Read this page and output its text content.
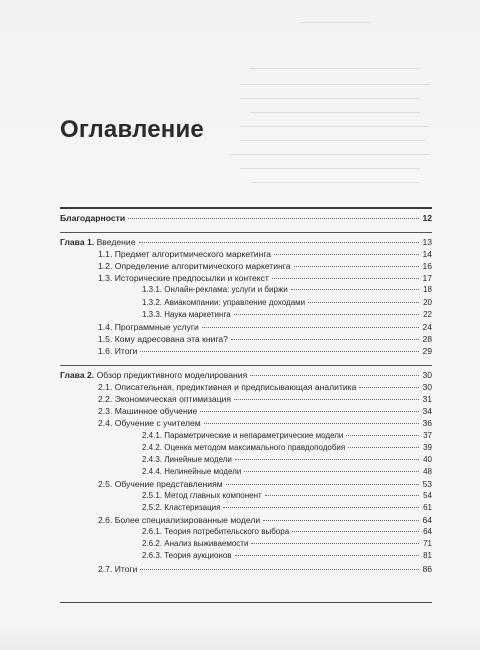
Оглавление
Благодарности	12
Глава 1. Введение	13
1.1. Предмет алгоритмического маркетинга	14
1.2. Определение алгоритмического маркетинга	16
1.3. Исторические предпосылки и контекст	17
1.3.1. Онлайн-реклама: услуги и биржи	18
1.3.2. Авиакомпании: управление доходами	20
1.3.3. Наука маркетинга	22
1.4. Программные услуги	24
1.5. Кому адресована эта книга?	28
1.6. Итоги	29
Глава 2. Обзор предиктивного моделирования	30
2.1. Описательная, предиктивная и предписывающая аналитика	30
2.2. Экономическая оптимизация	31
2.3. Машинное обучение	34
2.4. Обучение с учителем	36
2.4.1. Параметрические и непараметрические модели	37
2.4.2. Оценка методом максимального правдоподобия	39
2.4.3. Линейные модели	40
2.4.4. Нелинейные модели	48
2.5. Обучение представлениям	53
2.5.1. Метод главных компонент	54
2.5.2. Кластеризация	61
2.6. Более специализированные модели	64
2.6.1. Теория потребительского выбора	64
2.6.2. Анализ выживаемости	71
2.6.3. Теория аукционов	81
2.7. Итоги	86
